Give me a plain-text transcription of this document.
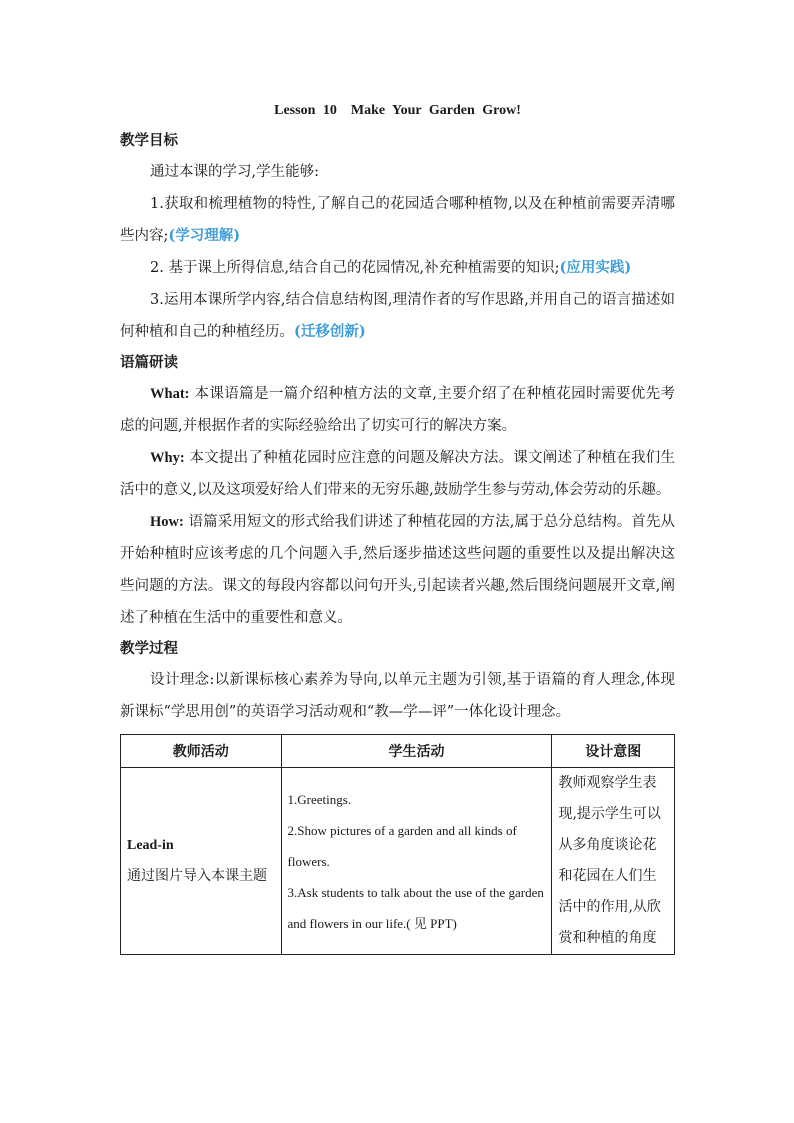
Lesson 10　Make Your Garden Grow!
教学目标

通过本课的学习,学生能够:

1.获取和梳理植物的特性,了解自己的花园适合哪种植物,以及在种植前需要弄清哪些内容;(学习理解)

2. 基于课上所得信息,结合自己的花园情况,补充种植需要的知识;(应用实践)

3.运用本课所学内容,结合信息结构图,理清作者的写作思路,并用自己的语言描述如何种植和自己的种植经历。(迁移创新)

语篇研读

What: 本课语篇是一篇介绍种植方法的文章,主要介绍了在种植花园时需要优先考虑的问题,并根据作者的实际经验给出了切实可行的解决方案。

Why: 本文提出了种植花园时应注意的问题及解决方法。课文阐述了种植在我们生活中的意义,以及这项爱好给人们带来的无穷乐趣,鼓励学生参与劳动,体会劳动的乐趣。

How: 语篇采用短文的形式给我们讲述了种植花园的方法,属于总分总结构。首先从开始种植时应该考虑的几个问题入手,然后逐步描述这些问题的重要性以及提出解决这些问题的方法。课文的每段内容都以问句开头,引起读者兴趣,然后围绕问题展开文章,阐述了种植在生活中的重要性和意义。

教学过程

设计理念:以新课标核心素养为导向,以单元主题为引领,基于语篇的育人理念,体现新课标“学思用创”的英语学习活动观和“教—学—评”一体化设计理念。

教师活动	学生活动	设计意图

Lead-in
通过图片导入本课主题	1.Greetings.
2.Show pictures of a garden and all kinds of flowers.
3.Ask students to talk about the use of the garden and flowers in our life.( 见 PPT)	教师观察学生表现,提示学生可以从多角度谈论花和花园在人们生活中的作用,从欣赏和种植的角度
